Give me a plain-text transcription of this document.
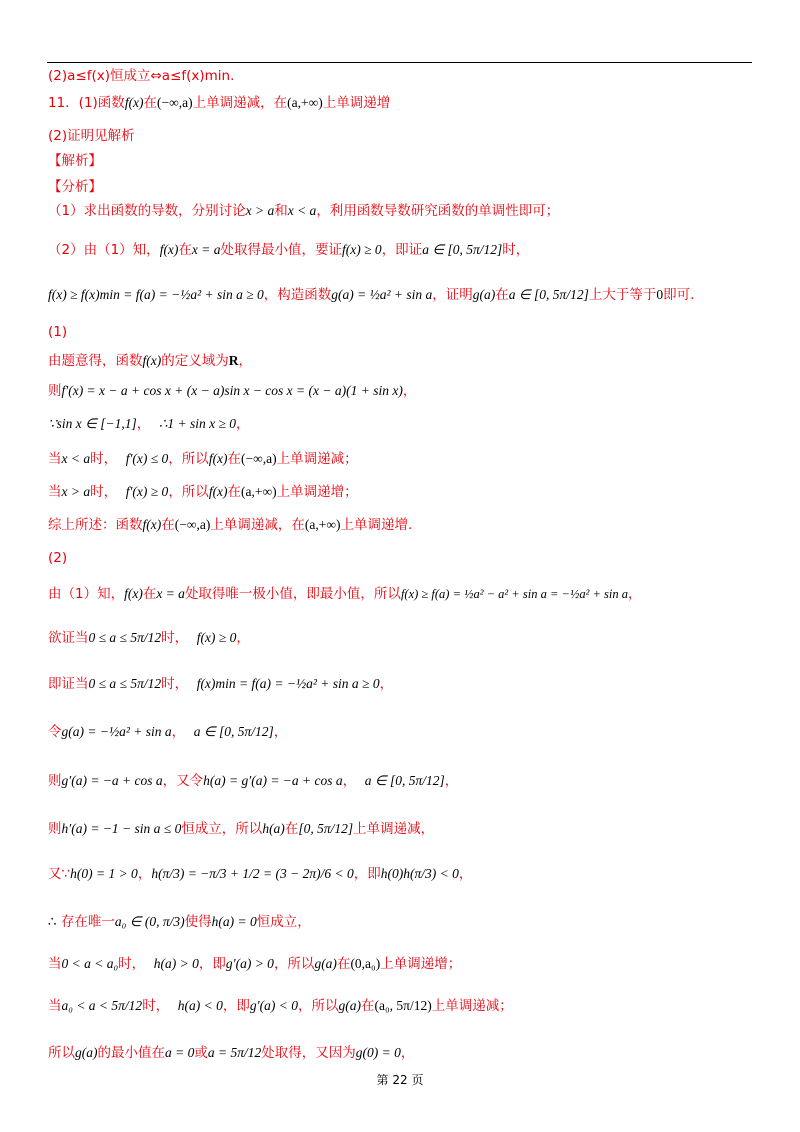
(2)a≤f(x)恒成立⇔a≤f(x)min.
11．(1)函数f(x)在(−∞,a)上单调递减，在(a,+∞)上单调递增
(2)证明见解析
【解析】
【分析】
（1）求出函数的导数，分别讨论x > a和x < a，利用函数导数研究函数的单调性即可；
（2）由（1）知，f(x)在x = a处取得最小值，要证f(x) ≥ 0，即证a ∈ [0, 5π/12]时，
f(x) ≥ f(x)min = f(a) = −½a² + sin a ≥ 0，构造函数g(a) = ½a² + sin a，证明g(a)在a ∈ [0, 5π/12]上大于等于0即可.
(1)
由题意得，函数f(x)的定义域为R，
则f′(x) = x − a + cos x + (x − a)sin x − cos x = (x − a)(1 + sin x)，
∵sin x ∈ [−1,1]， ∴1 + sin x ≥ 0，
当x < a时， f′(x) ≤ 0，所以f(x)在(−∞,a)上单调递减；
当x > a时， f′(x) ≥ 0，所以f(x)在(a,+∞)上单调递增；
综上所述：函数f(x)在(−∞,a)上单调递减，在(a,+∞)上单调递增.
(2)
由（1）知，f(x)在x = a处取得唯一极小值，即最小值，所以f(x) ≥ f(a) = ½a² − a² + sin a = −½a² + sin a，
欲证当0 ≤ a ≤ 5π/12时， f(x) ≥ 0，
即证当0 ≤ a ≤ 5π/12时， f(x)min = f(a) = −½a² + sin a ≥ 0，
令g(a) = −½a² + sin a， a ∈ [0, 5π/12]，
则g′(a) = −a + cos a，又令h(a) = g′(a) = −a + cos a， a ∈ [0, 5π/12]，
则h′(a) = −1 − sin a ≤ 0恒成立，所以h(a)在[0, 5π/12]上单调递减，
又∵h(0) = 1 > 0，h(π/3) = −π/3 + 1/2 = (3 − 2π)/6 < 0，即h(0)h(π/3) < 0，
∴ 存在唯一a₀ ∈ (0, π/3)使得h(a) = 0恒成立，
当0 < a < a₀时， h(a) > 0，即g′(a) > 0，所以g(a)在(0,a₀)上单调递增；
当a₀ < a < 5π/12时， h(a) < 0，即g′(a) < 0，所以g(a)在(a₀, 5π/12)上单调递减；
所以g(a)的最小值在a = 0或a = 5π/12处取得，又因为g(0) = 0，
第 22 页
